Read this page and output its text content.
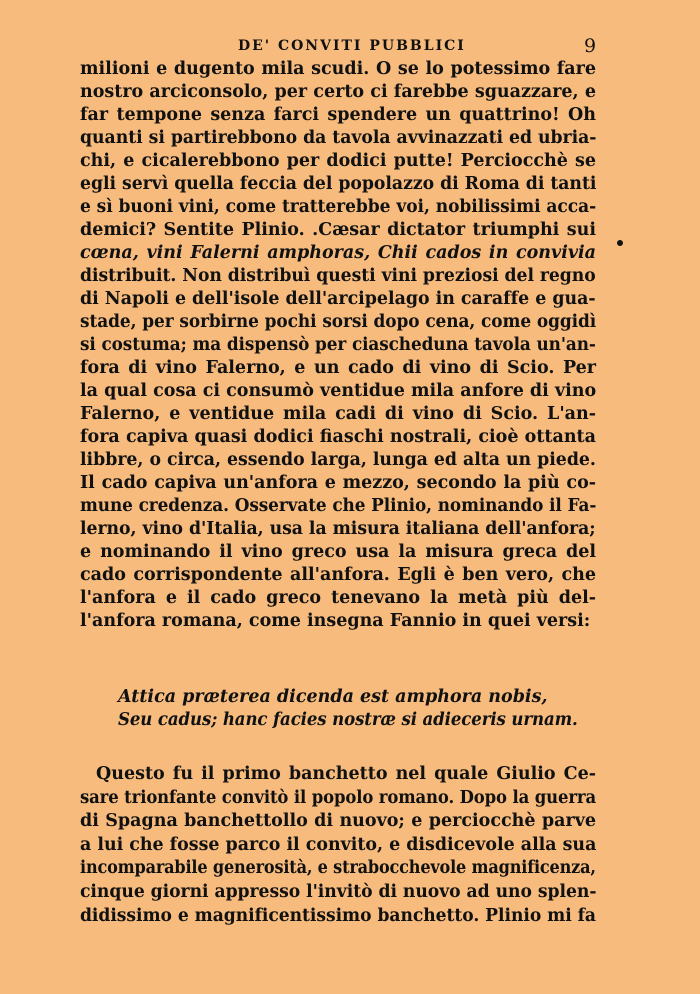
DE' CONVITI PUBBLICI	9
milioni e dugento mila scudi. O se lo potessimo fare
nostro arciconsolo, per certo ci farebbe sguazzare, e
far tempone senza farci spendere un quattrino! Oh
quanti si partirebbono da tavola avvinazzati ed ubria-
chi, e cicalerebbono per dodici putte! Perciocchè se
egli servì quella feccia del popolazzo di Roma di tanti
e sì buoni vini, come tratterebbe voi, nobilissimi acca-
demici? Sentite Plinio. .Cæsar dictator triumphi sui
cœna, vini Falerni amphoras, Chii cados in convivia
distribuit. Non distribuì questi vini preziosi del regno
di Napoli e dell'isole dell'arcipelago in caraffe e gua-
stade, per sorbirne pochi sorsi dopo cena, come oggidì
si costuma; ma dispensò per ciascheduna tavola un'an-
fora di vino Falerno, e un cado di vino di Scio. Per
la qual cosa ci consumò ventidue mila anfore di vino
Falerno, e ventidue mila cadi di vino di Scio. L'an-
fora capiva quasi dodici fiaschi nostrali, cioè ottanta
libbre, o circa, essendo larga, lunga ed alta un piede.
Il cado capiva un'anfora e mezzo, secondo la più co-
mune credenza. Osservate che Plinio, nominando il Fa-
lerno, vino d'Italia, usa la misura italiana dell'anfora;
e nominando il vino greco usa la misura greca del
cado corrispondente all'anfora. Egli è ben vero, che
l'anfora e il cado greco tenevano la metà più del-
l'anfora romana, come insegna Fannio in quei versi:
Attica prætereа dicenda est amphora nobis,
Seu cadus; hanc facies nostræ si adieceris urnam.
Questo fu il primo banchetto nel quale Giulio Ce-
sare trionfante convitò il popolo romano. Dopo la guerra
di Spagna banchettollo di nuovo; e perciocchè parve
a lui che fosse parco il convito, e disdicevole alla sua
incomparabile generosità, e strabocchevole magnificenza,
cinque giorni appresso l'invitò di nuovo ad uno splen-
didissimo e magnificentissimo banchetto. Plinio mi fa
